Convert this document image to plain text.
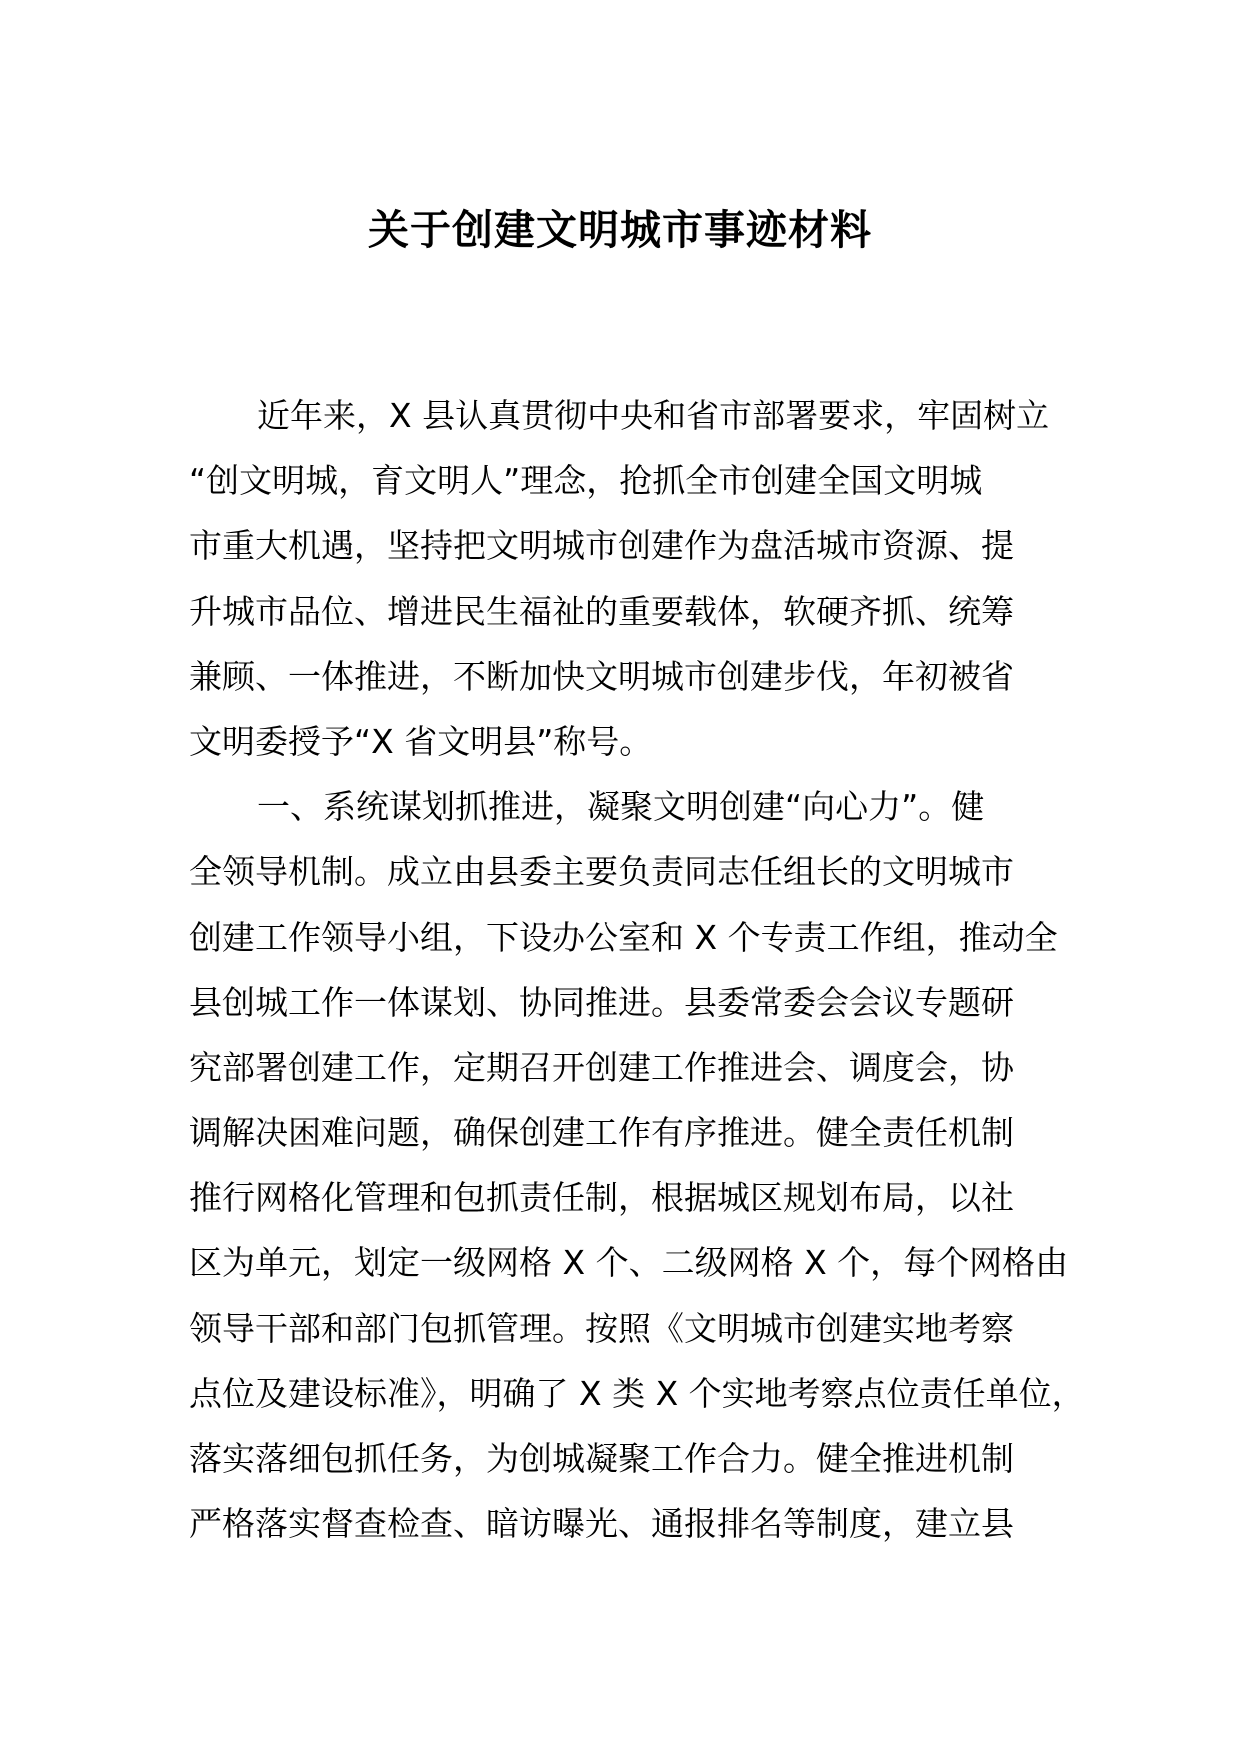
关于创建文明城市事迹材料
近年来，X 县认真贯彻中央和省市部署要求，牢固树立
“创文明城，育文明人”理念，抢抓全市创建全国文明城
市重大机遇，坚持把文明城市创建作为盘活城市资源、提
升城市品位、增进民生福祉的重要载体，软硬齐抓、统筹
兼顾、一体推进，不断加快文明城市创建步伐，年初被省
文明委授予“X 省文明县”称号。
一、系统谋划抓推进，凝聚文明创建“向心力”。健
全领导机制。成立由县委主要负责同志任组长的文明城市
创建工作领导小组，下设办公室和 X 个专责工作组，推动全
县创城工作一体谋划、协同推进。县委常委会会议专题研
究部署创建工作，定期召开创建工作推进会、调度会，协
调解决困难问题，确保创建工作有序推进。健全责任机制
推行网格化管理和包抓责任制，根据城区规划布局，以社
区为单元，划定一级网格 X 个、二级网格 X 个，每个网格由
领导干部和部门包抓管理。按照《文明城市创建实地考察
点位及建设标准》，明确了 X 类 X 个实地考察点位责任单位，
落实落细包抓任务，为创城凝聚工作合力。健全推进机制
严格落实督查检查、暗访曝光、通报排名等制度，建立县
